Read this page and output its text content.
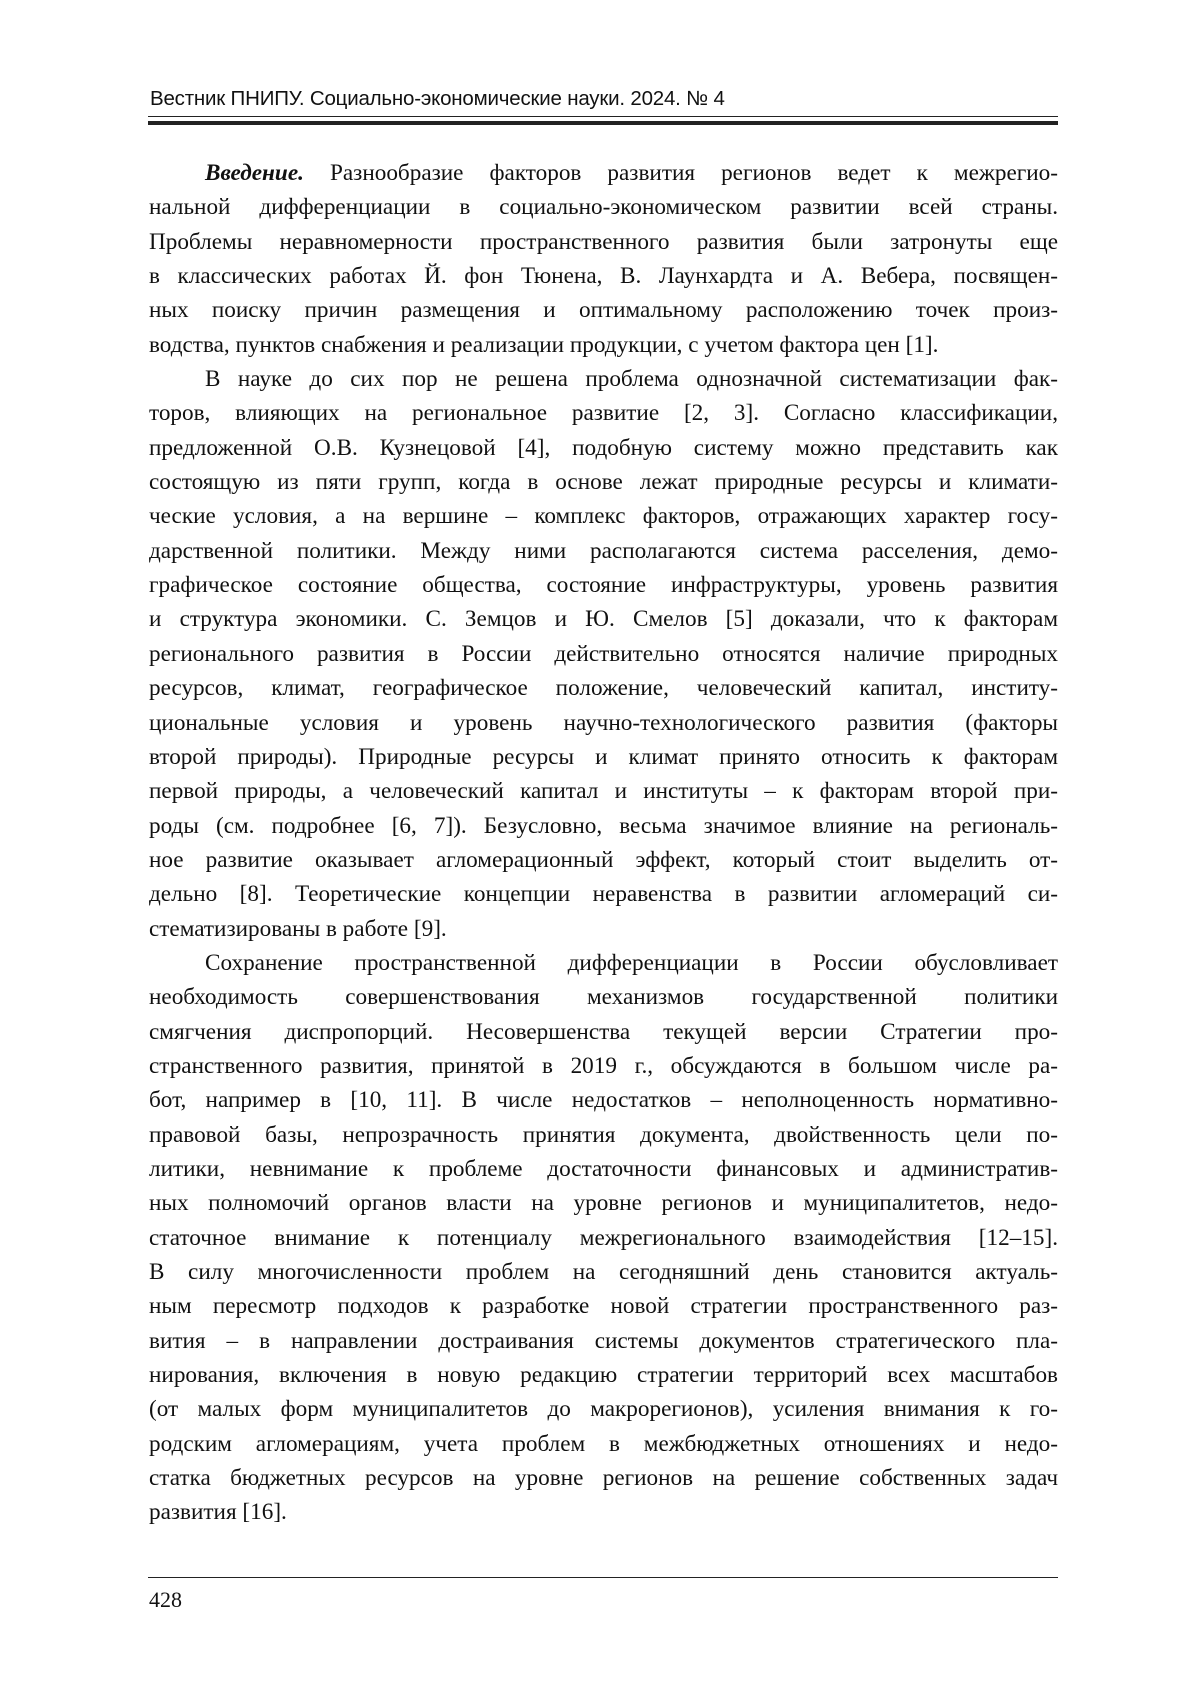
Вестник ПНИПУ. Социально-экономические науки. 2024. № 4
Введение. Разнообразие факторов развития регионов ведет к межрегио-
нальной дифференциации в социально-экономическом развитии всей страны.
Проблемы неравномерности пространственного развития были затронуты еще
в классических работах Й. фон Тюнена, В. Лаунхардта и А. Вебера, посвящен-
ных поиску причин размещения и оптимальному расположению точек произ-
водства, пунктов снабжения и реализации продукции, с учетом фактора цен [1].
В науке до сих пор не решена проблема однозначной систематизации фак-
торов, влияющих на региональное развитие [2, 3]. Согласно классификации,
предложенной О.В. Кузнецовой [4], подобную систему можно представить как
состоящую из пяти групп, когда в основе лежат природные ресурсы и климати-
ческие условия, а на вершине – комплекс факторов, отражающих характер госу-
дарственной политики. Между ними располагаются система расселения, демо-
графическое состояние общества, состояние инфраструктуры, уровень развития
и структура экономики. С. Земцов и Ю. Смелов [5] доказали, что к факторам
регионального развития в России действительно относятся наличие природных
ресурсов, климат, географическое положение, человеческий капитал, институ-
циональные условия и уровень научно-технологического развития (факторы
второй природы). Природные ресурсы и климат принято относить к факторам
первой природы, а человеческий капитал и институты – к факторам второй при-
роды (см. подробнее [6, 7]). Безусловно, весьма значимое влияние на региональ-
ное развитие оказывает агломерационный эффект, который стоит выделить от-
дельно [8]. Теоретические концепции неравенства в развитии агломераций си-
стематизированы в работе [9].
Сохранение пространственной дифференциации в России обусловливает
необходимость совершенствования механизмов государственной политики
смягчения диспропорций. Несовершенства текущей версии Стратегии про-
странственного развития, принятой в 2019 г., обсуждаются в большом числе ра-
бот, например в [10, 11]. В числе недостатков – неполноценность нормативно-
правовой базы, непрозрачность принятия документа, двойственность цели по-
литики, невнимание к проблеме достаточности финансовых и административ-
ных полномочий органов власти на уровне регионов и муниципалитетов, недо-
статочное внимание к потенциалу межрегионального взаимодействия [12–15].
В силу многочисленности проблем на сегодняшний день становится актуаль-
ным пересмотр подходов к разработке новой стратегии пространственного раз-
вития – в направлении достраивания системы документов стратегического пла-
нирования, включения в новую редакцию стратегии территорий всех масштабов
(от малых форм муниципалитетов до макрорегионов), усиления внимания к го-
родским агломерациям, учета проблем в межбюджетных отношениях и недо-
статка бюджетных ресурсов на уровне регионов на решение собственных задач
развития [16].
428
